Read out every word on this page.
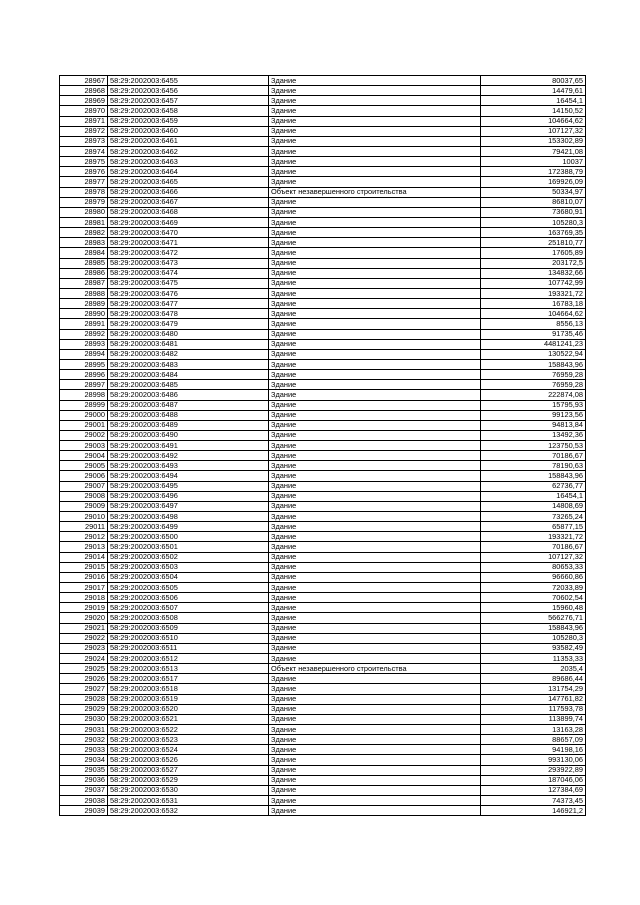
28967	58:29:2002003:6455	Здание	80037,65
28968	58:29:2002003:6456	Здание	14479,61
28969	58:29:2002003:6457	Здание	16454,1
28970	58:29:2002003:6458	Здание	14150,52
28971	58:29:2002003:6459	Здание	104664,62
28972	58:29:2002003:6460	Здание	107127,32
28973	58:29:2002003:6461	Здание	153302,89
28974	58:29:2002003:6462	Здание	79421,08
28975	58:29:2002003:6463	Здание	10037
28976	58:29:2002003:6464	Здание	172388,79
28977	58:29:2002003:6465	Здание	169926,09
28978	58:29:2002003:6466	Объект незавершенного строительства	50334,97
28979	58:29:2002003:6467	Здание	86810,07
28980	58:29:2002003:6468	Здание	73680,91
28981	58:29:2002003:6469	Здание	105280,3
28982	58:29:2002003:6470	Здание	163769,35
28983	58:29:2002003:6471	Здание	251810,77
28984	58:29:2002003:6472	Здание	17605,89
28985	58:29:2002003:6473	Здание	203172,5
28986	58:29:2002003:6474	Здание	134832,66
28987	58:29:2002003:6475	Здание	107742,99
28988	58:29:2002003:6476	Здание	193321,72
28989	58:29:2002003:6477	Здание	16783,18
28990	58:29:2002003:6478	Здание	104664,62
28991	58:29:2002003:6479	Здание	8556,13
28992	58:29:2002003:6480	Здание	91735,46
28993	58:29:2002003:6481	Здание	4481241,23
28994	58:29:2002003:6482	Здание	130522,94
28995	58:29:2002003:6483	Здание	158843,96
28996	58:29:2002003:6484	Здание	76959,28
28997	58:29:2002003:6485	Здание	76959,28
28998	58:29:2002003:6486	Здание	222874,08
28999	58:29:2002003:6487	Здание	15795,93
29000	58:29:2002003:6488	Здание	99123,56
29001	58:29:2002003:6489	Здание	94813,84
29002	58:29:2002003:6490	Здание	13492,36
29003	58:29:2002003:6491	Здание	123750,53
29004	58:29:2002003:6492	Здание	70186,67
29005	58:29:2002003:6493	Здание	78190,63
29006	58:29:2002003:6494	Здание	158843,96
29007	58:29:2002003:6495	Здание	62736,77
29008	58:29:2002003:6496	Здание	16454,1
29009	58:29:2002003:6497	Здание	14808,69
29010	58:29:2002003:6498	Здание	73265,24
29011	58:29:2002003:6499	Здание	65877,15
29012	58:29:2002003:6500	Здание	193321,72
29013	58:29:2002003:6501	Здание	70186,67
29014	58:29:2002003:6502	Здание	107127,32
29015	58:29:2002003:6503	Здание	80653,33
29016	58:29:2002003:6504	Здание	96660,86
29017	58:29:2002003:6505	Здание	72033,89
29018	58:29:2002003:6506	Здание	70602,54
29019	58:29:2002003:6507	Здание	15960,48
29020	58:29:2002003:6508	Здание	566276,71
29021	58:29:2002003:6509	Здание	158843,96
29022	58:29:2002003:6510	Здание	105280,3
29023	58:29:2002003:6511	Здание	93582,49
29024	58:29:2002003:6512	Здание	11353,33
29025	58:29:2002003:6513	Объект незавершенного строительства	2035,4
29026	58:29:2002003:6517	Здание	89686,44
29027	58:29:2002003:6518	Здание	131754,29
29028	58:29:2002003:6519	Здание	147761,82
29029	58:29:2002003:6520	Здание	117593,78
29030	58:29:2002003:6521	Здание	113899,74
29031	58:29:2002003:6522	Здание	13163,28
29032	58:29:2002003:6523	Здание	88657,09
29033	58:29:2002003:6524	Здание	94198,16
29034	58:29:2002003:6526	Здание	993130,06
29035	58:29:2002003:6527	Здание	293922,89
29036	58:29:2002003:6529	Здание	187046,06
29037	58:29:2002003:6530	Здание	127384,69
29038	58:29:2002003:6531	Здание	74373,45
29039	58:29:2002003:6532	Здание	146921,2
